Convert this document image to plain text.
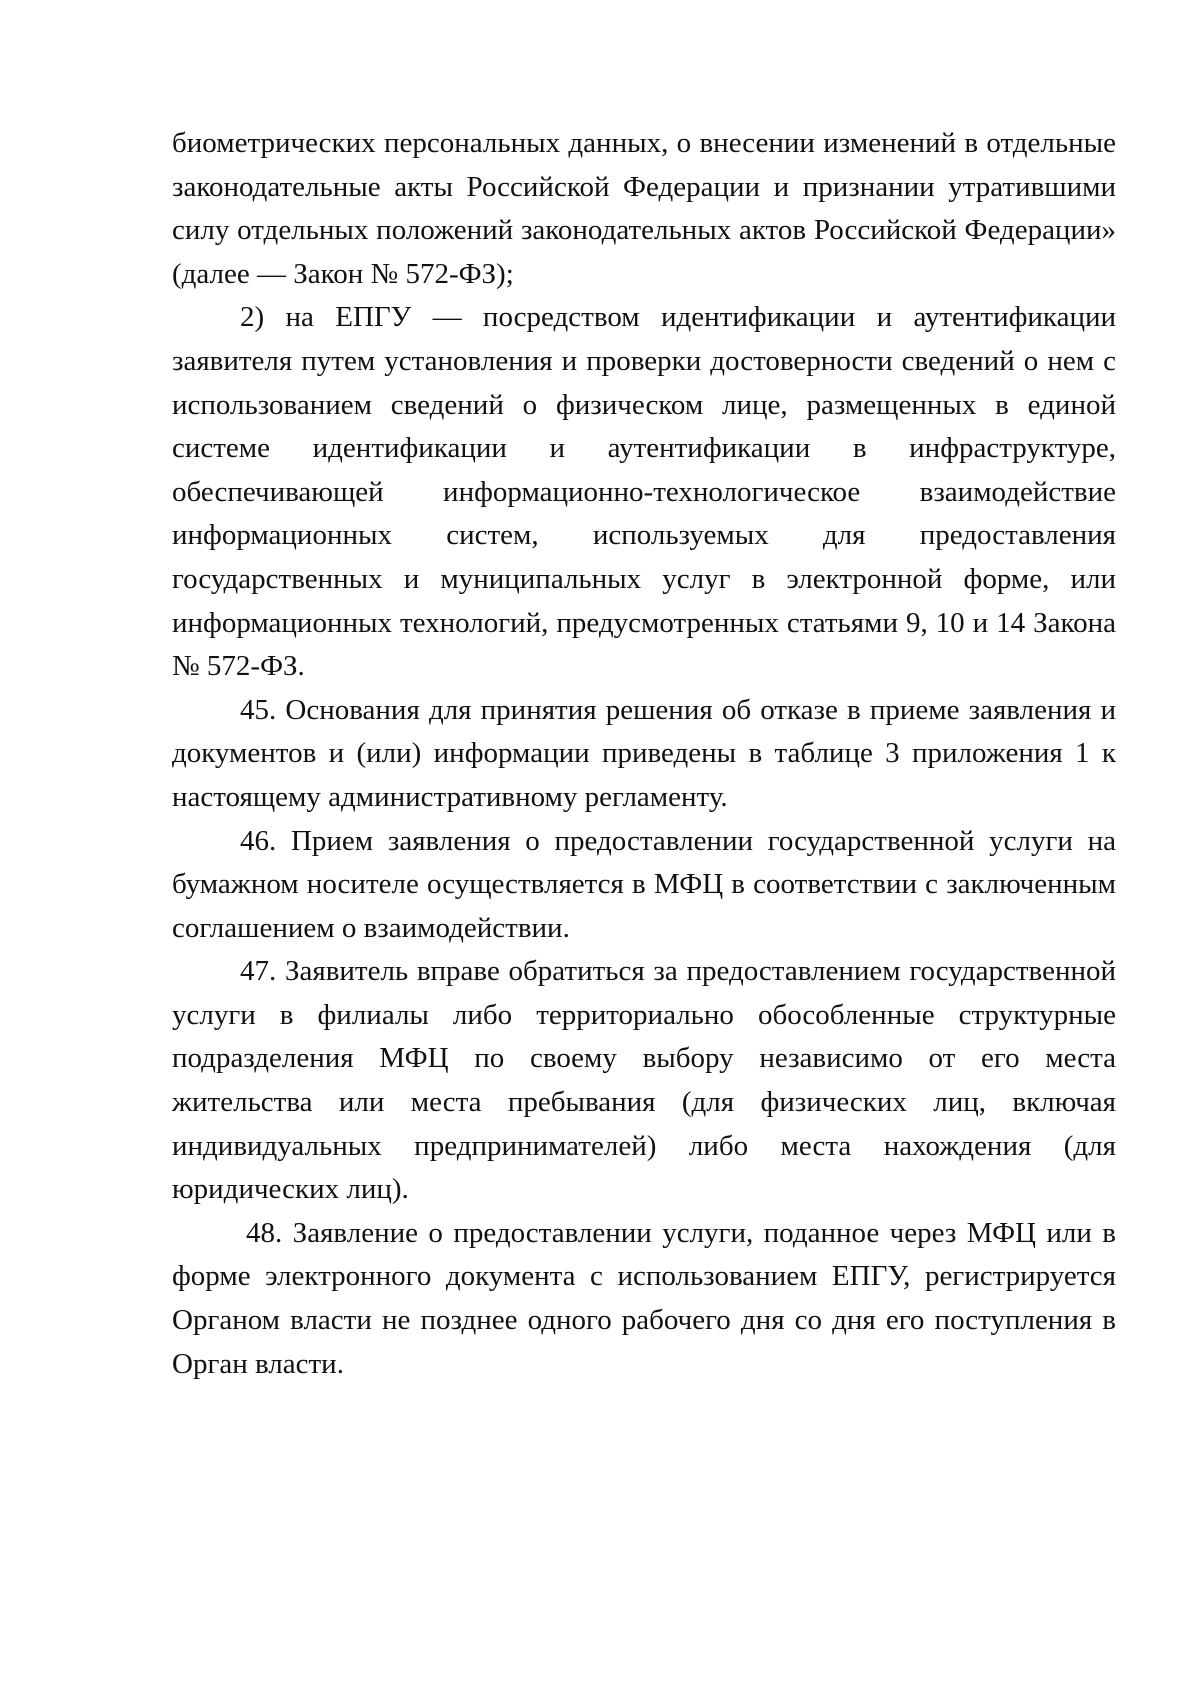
биометрических персональных данных, о внесении изменений в отдельные законодательные акты Российской Федерации и признании утратившими силу отдельных положений законодательных актов Российской Федерации» (далее — Закон № 572-ФЗ);

2) на ЕПГУ — посредством идентификации и аутентификации заявителя путем установления и проверки достоверности сведений о нем с использованием сведений о физическом лице, размещенных в единой системе идентификации и аутентификации в инфраструктуре, обеспечивающей информационно-технологическое взаимодействие информационных систем, используемых для предоставления государственных и муниципальных услуг в электронной форме, или информационных технологий, предусмотренных статьями 9, 10 и 14 Закона № 572-ФЗ.

45. Основания для принятия решения об отказе в приеме заявления и документов и (или) информации приведены в таблице 3 приложения 1 к настоящему административному регламенту.

46. Прием заявления о предоставлении государственной услуги на бумажном носителе осуществляется в МФЦ в соответствии с заключенным соглашением о взаимодействии.

47. Заявитель вправе обратиться за предоставлением государственной услуги в филиалы либо территориально обособленные структурные подразделения МФЦ по своему выбору независимо от его места жительства или места пребывания (для физических лиц, включая индивидуальных предпринимателей) либо места нахождения (для юридических лиц).

48. Заявление о предоставлении услуги, поданное через МФЦ или в форме электронного документа с использованием ЕПГУ, регистрируется Органом власти не позднее одного рабочего дня со дня его поступления в Орган власти.
